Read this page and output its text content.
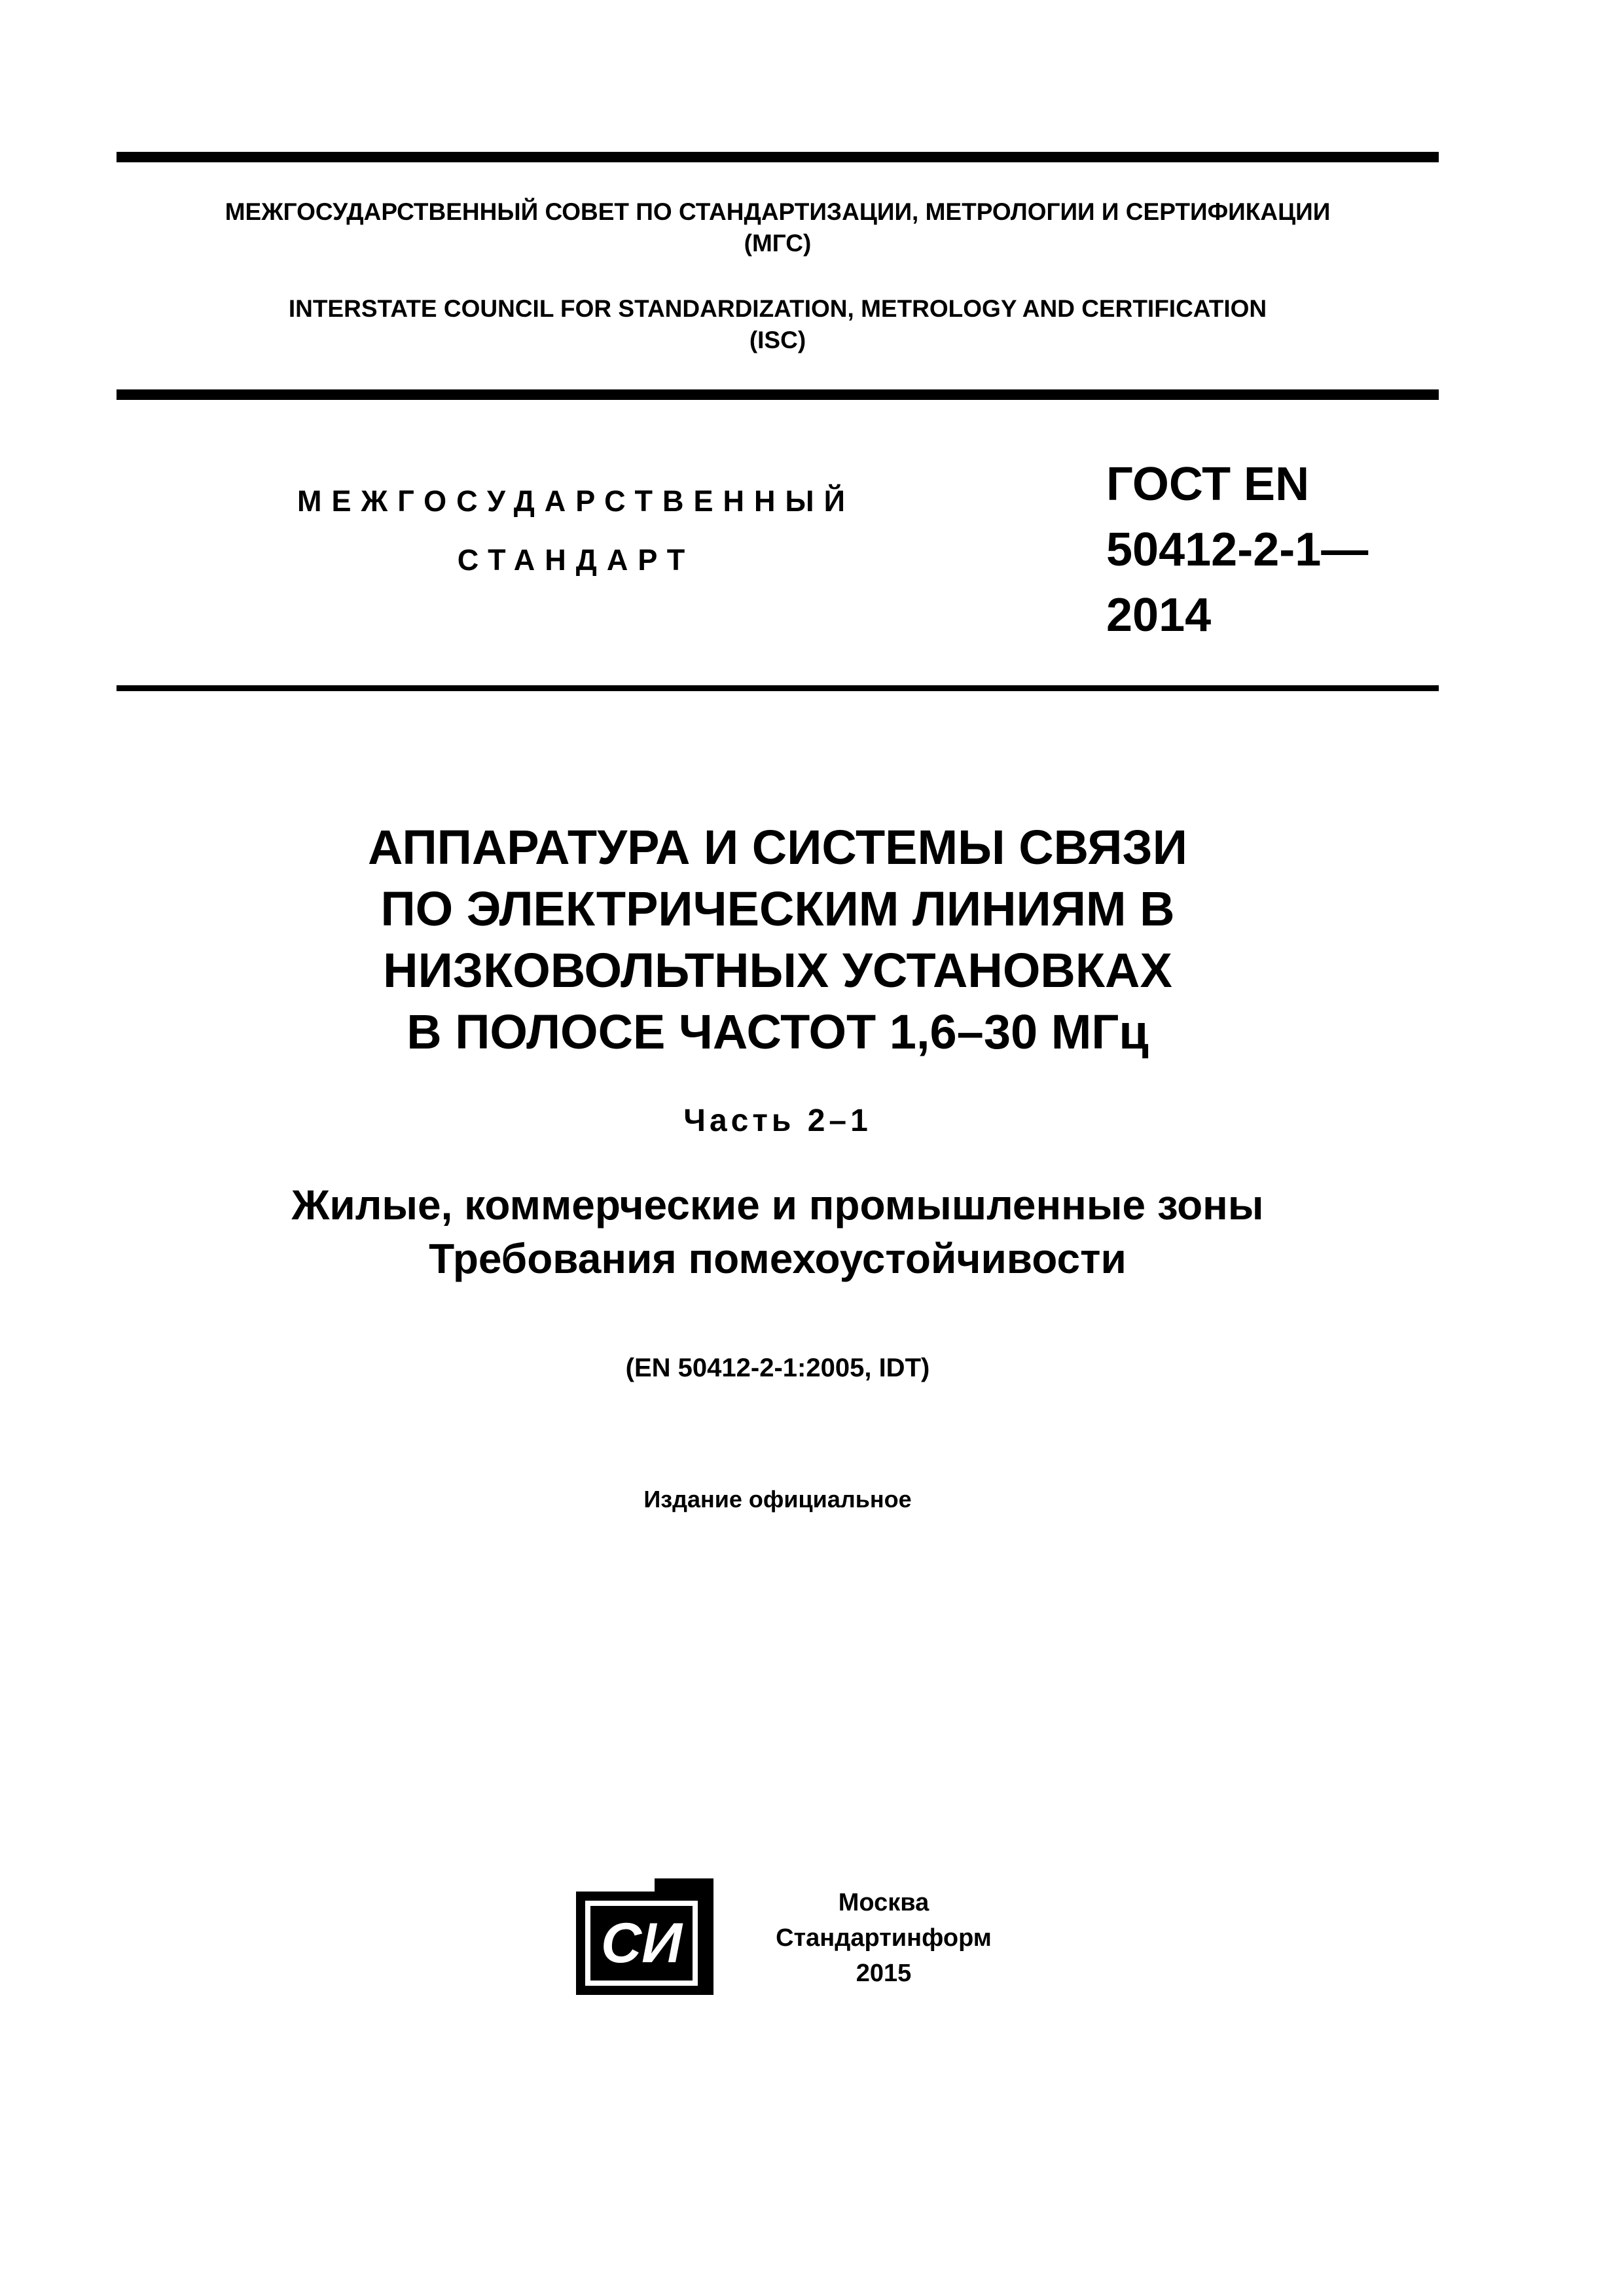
МЕЖГОСУДАРСТВЕННЫЙ СОВЕТ ПО СТАНДАРТИЗАЦИИ, МЕТРОЛОГИИ И СЕРТИФИКАЦИИ
(МГС)
INTERSTATE COUNCIL FOR STANDARDIZATION, METROLOGY AND CERTIFICATION
(ISC)
МЕЖГОСУДАРСТВЕННЫЙ
СТАНДАРТ
ГОСТ EN
50412-2-1—
2014
АППАРАТУРА И СИСТЕМЫ СВЯЗИ
ПО ЭЛЕКТРИЧЕСКИМ ЛИНИЯМ В
НИЗКОВОЛЬТНЫХ УСТАНОВКАХ
В ПОЛОСЕ ЧАСТОТ 1,6–30 МГц
Часть 2–1
Жилые, коммерческие и промышленные зоны
Требования помехоустойчивости
(EN 50412-2-1:2005, IDT)
Издание официальное
СИ
Москва
Стандартинформ
2015
